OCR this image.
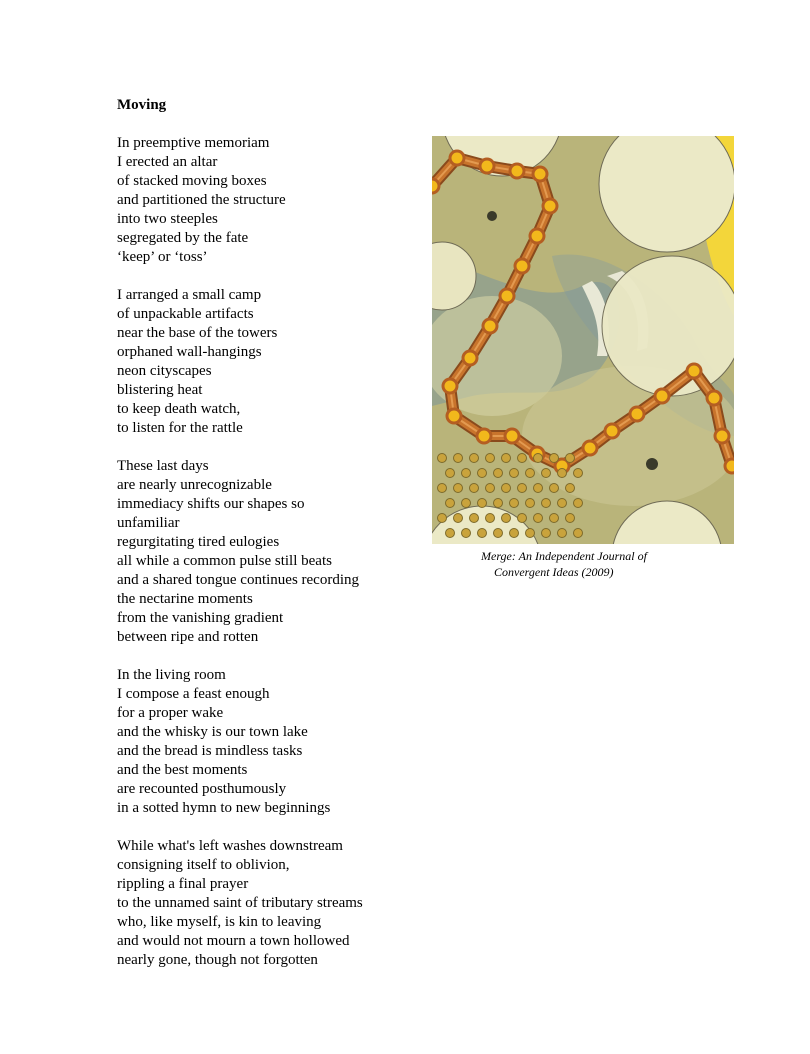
Moving
In preemptive memoriam
I erected an altar
of stacked moving boxes
and partitioned the structure
into two steeples
segregated by the fate
‘keep’ or ‘toss’
I arranged a small camp
of unpackable artifacts
near the base of the towers
orphaned wall-hangings
neon cityscapes
blistering heat
to keep death watch,
to listen for the rattle
These last days
are nearly unrecognizable
immediacy shifts our shapes so
unfamiliar
regurgitating tired eulogies
all while a common pulse still beats
and a shared tongue continues recording
the nectarine moments
from the vanishing gradient
between ripe and rotten
In the living room
I compose a feast enough
for a proper wake
and the whisky is our town lake
and the bread is mindless tasks
and the best moments
are recounted posthumously
in a sotted hymn to new beginnings
While what's left washes downstream
consigning itself to oblivion,
rippling a final prayer
to the unnamed saint of tributary streams
who, like myself, is kin to leaving
and would not mourn a town hollowed
nearly gone, though not forgotten
Merge: An Independent Journal of
Convergent Ideas (2009)
